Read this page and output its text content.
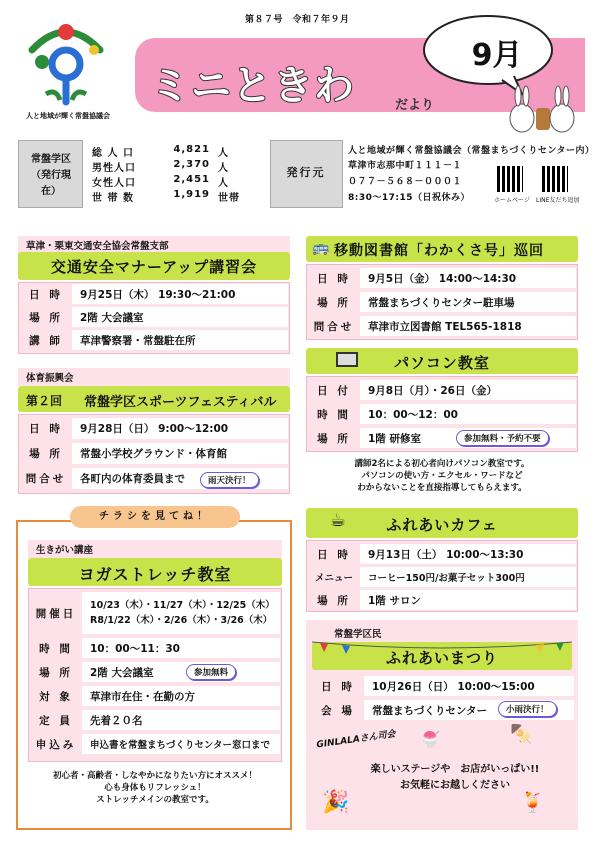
人と地域が輝く常盤協議会
第８７号　令和７年９月
ミニときわ	だより
9月
常盤学区
（発行現在）
総 人 口	4,821 人
男性人口	2,370 人
女性人口	2,451 人
世 帯 数	1,919 世帯
発行元
人と地域が輝く常盤協議会（常盤まちづくりセンター内）
草津市志那中町１１１－１
０７７－５６８－０００１
8:30～17:15（日祝休み）	ホームページ LINE友だち追加
草津・栗東交通安全協会常盤支部
交通安全マナーアップ講習会
日 時	9月25日（木） 19:30～21:00
場 所	2階 大会議室
講 師	草津警察署・常盤駐在所
体育振興会
第２回 常盤学区スポーツフェスティバル
日 時	9月28日（日） 9:00～12:00
場 所	常盤小学校グラウンド・体育館
問合せ	各町内の体育委員まで	雨天決行！
チラシを見てね！
生きがい講座
ヨガストレッチ教室
開催日
10/23（木）・11/27（木）・12/25（木）
R8/1/22（木）・2/26（木）・3/26（木）
時 間	10：00～11：30
場 所	2階 大会議室	参加無料
対 象	草津市在住・在勤の方
定 員	先着２０名
申込み	申込書を常盤まちづくりセンター窓口まで
初心者・高齢者・しなやかになりたい方にオススメ！
心も身体もリフレッシュ！
ストレッチメインの教室です。
🚌 移動図書館「わかくさ号」巡回
日 時	9月5日（金） 14:00～14:30
場 所	常盤まちづくりセンター駐車場
問合せ	草津市立図書館 TEL565-1818
パソコン教室
日 付	9月8日（月）・26日（金）
時 間	10：00～12：00
場 所	1階 研修室	参加無料・予約不要
講師2名による初心者向けパソコン教室です。
パソコンの使い方・エクセル・ワードなど
わからないことを直接指導してもらえます。
☕	ふれあいカフェ
日 時	9月13日（土） 10:00～13:30
メニュー	コーヒー150円/お菓子セット300円
場 所	1階 サロン
常盤学区民
ふれあいまつり
日 時	10月26日（日） 10:00～15:00
会 場	常盤まちづくりセンター	小雨決行！
GINLALAさん司会 🍧	🍢
楽しいステージや　お店がいっぱい!!
お気軽にお越しください
🎉	🍹
